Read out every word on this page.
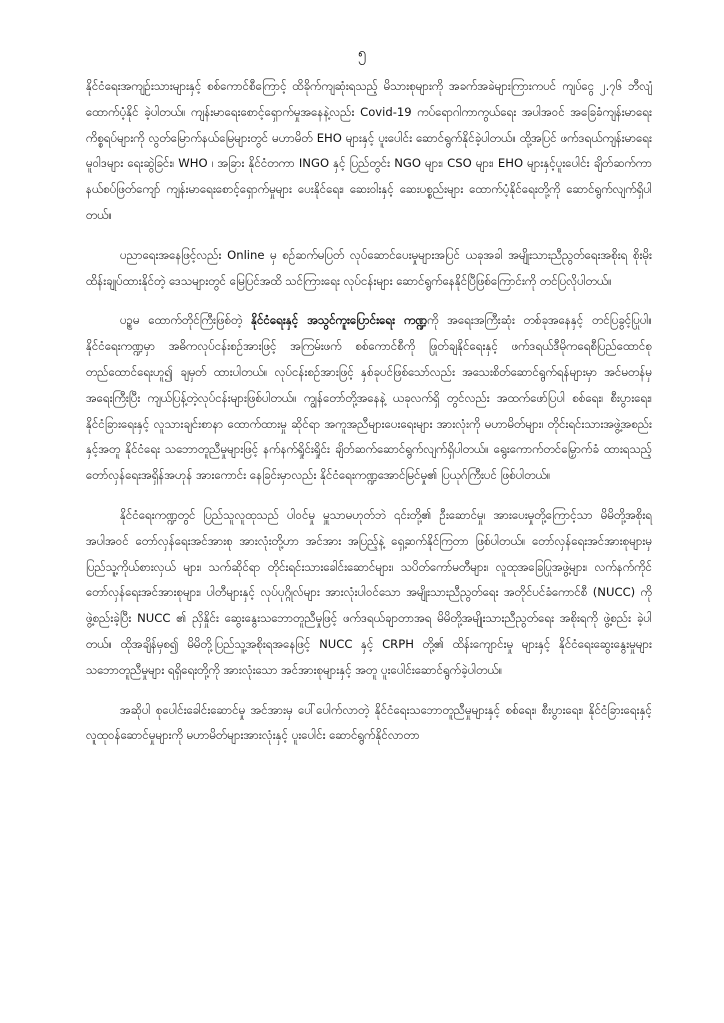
၅

နိုင်ငံရေးအကျဉ်းသားများနှင့် စစ်ကောင်စီကြောင့် ထိခိုက်ကျဆုံးရသည့် မိသားစုများကို အခက်အခဲများကြားကပင် ကျပ်ငွေ ၂.၇၆ ဘီလျံ ထောက်ပံ့နိုင် ခဲ့ပါတယ်။ ကျန်းမာရေးစောင့်ရှောက်မှုအနေနဲ့လည်း Covid-19 ကပ်ရောဂါကာကွယ်ရေး အပါအဝင် အခြေခံကျန်းမာရေးကိစ္စရပ်များကို လွတ်မြောက်နယ်မြေများတွင် မဟာမိတ် EHO များနှင့် ပူးပေါင်း ဆောင်ရွက်နိုင်ခဲ့ပါတယ်။ ထို့အပြင် ဖက်ဒရယ်ကျန်းမာရေး မူဝါဒများ ရေးဆွဲခြင်း၊ WHO ၊ အခြား နိုင်ငံတကာ INGO နှင့် ပြည်တွင်း NGO များ၊ CSO များ၊ EHO များနှင့်ပူးပေါင်း ချိတ်ဆက်ကာ နယ်စပ်ဖြတ်ကျော် ကျန်းမာရေးစောင့်ရှောက်မှုများ ပေးနိုင်ရေး၊ ဆေးဝါးနှင့် ဆေးပစ္စည်းများ ထောက်ပံ့နိုင်ရေးတို့ကို ဆောင်ရွက်လျက်ရှိပါတယ်။

ပညာရေးအနေဖြင့်လည်း Online မှ စဉ်ဆက်မပြတ် လုပ်ဆောင်ပေးမှုများအပြင် ယခုအခါ အမျိုးသားညီညွတ်ရေးအစိုးရ စိုးမိုးထိန်းချုပ်ထားနိုင်တဲ့ ဒေသများတွင် မြေပြင်အထိ သင်ကြားရေး လုပ်ငန်းများ ဆောင်ရွက်နေနိုင်ပြီဖြစ်ကြောင်းကို တင်ပြလိုပါတယ်။

ပဉ္စမ ထောက်တိုင်ကြီးဖြစ်တဲ့ နိုင်ငံရေးနှင့် အသွင်ကူးပြောင်းရေး ကဏ္ဍကို အရေးအကြီးဆုံး တစ်ခုအနေနှင့် တင်ပြခွင့်ပြုပါ။ နိုင်ငံရေးကဏ္ဍမှာ အဓိကလုပ်ငန်းစဉ်အားဖြင့် အကြမ်းဖက် စစ်ကောင်စီကို ဖြုတ်ချနိုင်ရေးနှင့် ဖက်ဒရယ်ဒီမိုကရေစီပြည်ထောင်စု တည်ထောင်ရေးဟူ၍ ချမှတ် ထားပါတယ်။ လုပ်ငန်းစဉ်အားဖြင့် နှစ်ခုပင်ဖြစ်သော်လည်း အသေးစိတ်ဆောင်ရွက်ရန်များမှာ အင်မတန်မှ အရေးကြီးပြီး ကျယ်ပြန့်တဲ့လုပ်ငန်းများဖြစ်ပါတယ်။ ကျွန်တော်တို့အနေနဲ့ ယခုလက်ရှိ တွင်လည်း အထက်ဖော်ပြပါ စစ်ရေး၊ စီးပွားရေး၊ နိုင်ငံခြားရေးနှင့် လူသားချင်းစာနာ ထောက်ထားမှု ဆိုင်ရာ အကူအညီများပေးရေးများ အားလုံးကို မဟာမိတ်များ၊ တိုင်းရင်းသားအဖွဲ့အစည်းနှင့်အတူ နိုင်ငံရေး သဘောတူညီမှုများဖြင့် နက်နက်ရှိုင်းရှိုင်း ချိတ်ဆက်ဆောင်ရွက်လျက်ရှိပါတယ်။ ရွေးကောက်တင်မြှောက်ခံ ထားရသည့် တော်လှန်ရေးအရှိန်အဟုန် အားကောင်း နေခြင်းမှာလည်း နိုင်ငံရေးကဏ္ဍအောင်မြင်မှု၏ ပြယုဂ်ကြီးပင် ဖြစ်ပါတယ်။

နိုင်ငံရေးကဏ္ဍတွင် ပြည်သူလူထုသည် ပါဝင်မှု မှူသာမဟုတ်ဘဲ ၎င်းတို့၏ ဦးဆောင်မှု၊ အားပေးမှုတို့ကြောင့်သာ မိမိတို့အစိုးရ အပါအဝင် တော်လှန်ရေးအင်အားစု အားလုံးတို့ဟာ အင်အား အပြည့်နဲ့ ရှေ့ဆက်နိုင်ကြတာ ဖြစ်ပါတယ်။ တော်လှန်ရေးအင်အားစုများမှ ပြည်သူ့ကိုယ်စားလှယ် များ၊ သက်ဆိုင်ရာ တိုင်းရင်းသားခေါင်းဆောင်များ၊ သပိတ်ကော်မတီများ၊ လူထုအခြေပြုအဖွဲ့များ၊ လက်နက်ကိုင် တော်လှန်ရေးအင်အားစုများ၊ ပါတီများနှင့် လုပ်ပုဂ္ဂိုလ်များ အားလုံးပါဝင်သော အမျိုးသားညီညွတ်ရေး အတိုင်ပင်ခံကောင်စီ (NUCC) ကို ဖွဲ့စည်းခဲ့ပြီး NUCC ၏ ညှိနှိုင်း ဆွေးနွေးသဘောတူညီမှုဖြင့် ဖက်ဒရယ်ချာတာအရ မိမိတို့အမျိုးသားညီညွတ်ရေး အစိုးရကို ဖွဲ့စည်း ခဲ့ပါတယ်။ ထိုအချိန်မှစ၍ မိမိတို့ပြည်သူ့အစိုးရအနေဖြင့် NUCC နှင့် CRPH တို့၏ ထိန်းကျောင်းမှု များနှင့် နိုင်ငံရေးဆွေးနွေးမှုများ သဘောတူညီမှုများ ရရှိရေးတို့ကို အားလုံးသော အင်အားစုများနှင့် အတူ ပူးပေါင်းဆောင်ရွက်ခဲ့ပါတယ်။

အဆိုပါ စုပေါင်းခေါင်းဆောင်မှု အင်အားမှ ပေါ်ပေါက်လာတဲ့ နိုင်ငံရေးသဘောတူညီမှုများနှင့် စစ်ရေး၊ စီးပွားရေး၊ နိုင်ငံခြားရေးနှင့် လူထုဝန်ဆောင်မှုများကို မဟာမိတ်များအားလုံးနှင့် ပူးပေါင်း ဆောင်ရွက်နိုင်လာတာ
